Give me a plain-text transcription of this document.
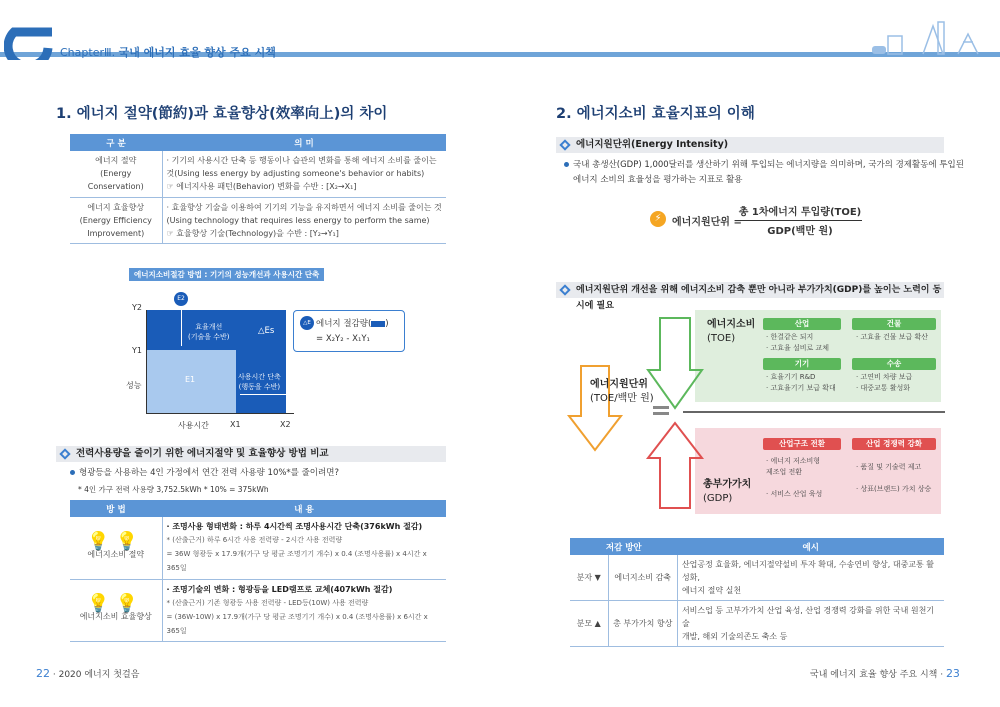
ChapterⅢ. 국내 에너지 효율 향상 주요 시책
1. 에너지 절약(節約)과 효율향상(效率向上)의 차이
구 분	의 미
에너지 절약
(Energy
Conservation)	· 기기의 사용시간 단축 등 행동이나 습관의 변화를 통해 에너지 소비를 줄이는
것(Using less energy by adjusting someone's behavior or habits)
☞ 에너지사용 패턴(Behavior) 변화를 수반 : [X₂→X₁]
에너지 효율향상
(Energy Efficiency
Improvement)	· 효율향상 기술을 이용하여 기기의 기능을 유지하면서 에너지 소비를 줄이는 것
(Using technology that requires less energy to perform the same)
☞ 효율향상 기술(Technology)을 수반 : [Y₂→Y₁]
에너지소비절감 방법 : 기기의 성능개선과 사용시간 단축
Y2
Y1
성능
사용시간	X1	X2
E2
E1
효율개선
(기술을 수반)
△Es
사용시간 단축
(행동을 수반)
△E 에너지 절감량( )
= X₂Y₂ - X₁Y₁
전력사용량을 줄이기 위한 에너지절약 및 효율향상 방법 비교
형광등을 사용하는 4인 가정에서 연간 전력 사용량 10%*를 줄이려면?
* 4인 가구 전력 사용량 3,752.5kWh * 10% = 375kWh
방 법	내 용

💡💡
에너지소비 절약	· 조명사용 형태변화 : 하루 4시간씩 조명사용시간 단축(376kWh 절감)
* (산출근거) 하루 6시간 사용 전력량 - 2시간 사용 전력량
= 36W 형광등 x 17.9개(가구 당 평균 조명기기 개수) x 0.4 (조명사용률) x 4시간 x 365일

💡💡
에너지소비 효율향상	· 조명기술의 변화 : 형광등을 LED램프로 교체(407kWh 절감)
* (산출근거) 기존 형광등 사용 전력량 - LED등(10W) 사용 전력량
= (36W-10W) x 17.9개(가구 당 평균 조명기기 개수) x 0.4 (조명사용률) x 6시간 x 365일
22 · 2020 에너지 첫걸음
2. 에너지소비 효율지표의 이해
에너지원단위(Energy Intensity)
국내 총생산(GDP) 1,000달러를 생산하기 위해 투입되는 에너지량을 의미하며, 국가의 경제활동에 투입된
에너지 소비의 효율성을 평가하는 지표로 활용
⚡	에너지원단위 =
총 1차에너지 투입량(TOE)
GDP(백만 원)
에너지원단위 개선을 위해 에너지소비 감축 뿐만 아니라 부가가치(GDP)를 높이는 노력이 동시에 필요
에너지소비
(TOE)
에너지원단위
(TOE/백만 원)
총부가가치
(GDP)
산업
· 한결같은 되지
· 고효율 설비로 교체
건물
· 고효율 건물 보급 확산
기기
· 효율기기 R&D
· 고효율기기 보급 확대
수송
· 고연비 차량 보급
· 대중교통 활성화
산업구조 전환
· 에너지 저소비형
제조업 전환

· 서비스 산업 육성
산업 경쟁력 강화
· 품질 및 기술력 제고
· 상표(브랜드) 가치 상승
저감 방안		예시
분자 ▼	에너지소비 감축	산업공정 효율화, 에너지절약설비 투자 확대, 수송연비 향상, 대중교통 활성화,
에너지 절약 실천
분모 ▲	총 부가가치 향상	서비스업 등 고부가가치 산업 육성, 산업 경쟁력 강화를 위한 국내 원천기술
개발, 해외 기술의존도 축소 등
국내 에너지 효율 향상 주요 시책 · 23
